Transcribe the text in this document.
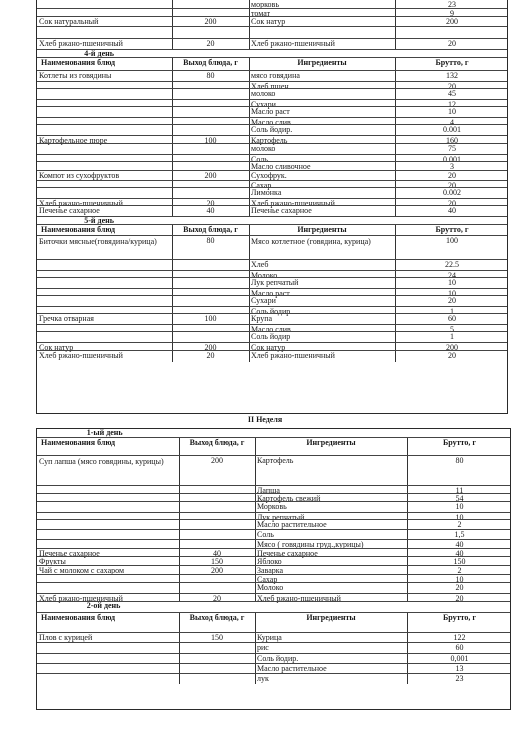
морковь	23
томат	9
Сок натуральный	200	Сок натур	200
Хлеб ржано-пшеничный	20	Хлеб ржано-пшеничный	20
4-й день
Наименования блюд	Выход блюда, г	Ингредиенты	Брутто, г
Котлеты из говядины	80	мясо говядина	132
Хлеб пшен	20
молоко	45
Сухари	12
Масло раст	10
Масло слив	4
Соль йодир.	0.001
Картофельное пюре	100	Картофель	160
молоко	75
Соль	0.001
Масло сливочное	3
Компот из сухофруктов	200	Сухофрук.	20
Сахар	20
Лимонка	0.002
Хлеб ржано-пшеничный	20	Хлеб ржано-пшеничный	20
Печенье сахарное	40	Печенье сахарное	40
5-й день
Наименования блюд	Выход блюда, г	Ингредиенты	Брутто, г
Биточки мясные(говядина/курица)	80	Мясо котлетное (говядина, курица)	100
Хлеб	22.5
Молоко	24
Лук репчатый	10
Масло раст.	10
Сухари	20
Соль йодир	1
Гречка отварная	100	Крупа	60
Масло слив	5
Соль йодир	1
Сок натур	200	Сок натур	200
Хлеб ржано-пшеничный	20	Хлеб ржано-пшеничный	20
II Неделя
1-ый день
Наименования блюд	Выход блюда, г	Ингредиенты	Брутто, г
Суп лапша (мясо говядины, курицы)	200	Картофель	80
Лапша	11
Картофель свежий	54
Морковь	10
Лук репчатый	10
Масло растительное	2
Соль	1,5
Мясо ( говядины груд.,курицы)	40
Печенье сахарное	40	Печенье сахарное	40
Фрукты	150	Яблоко	150
Чай с молоком с сахаром	200	Заварка	2
Сахар	10
Молоко	20
Хлеб ржано-пшеничный	20	Хлеб ржано-пшеничный	20
2-ой день
Наименования блюд	Выход блюда, г	Ингредиенты	Брутто, г
Плов с курицей	150	Курица	122
рис	60
Соль йодир.	0,001
Масло растительное	13
лук	23
